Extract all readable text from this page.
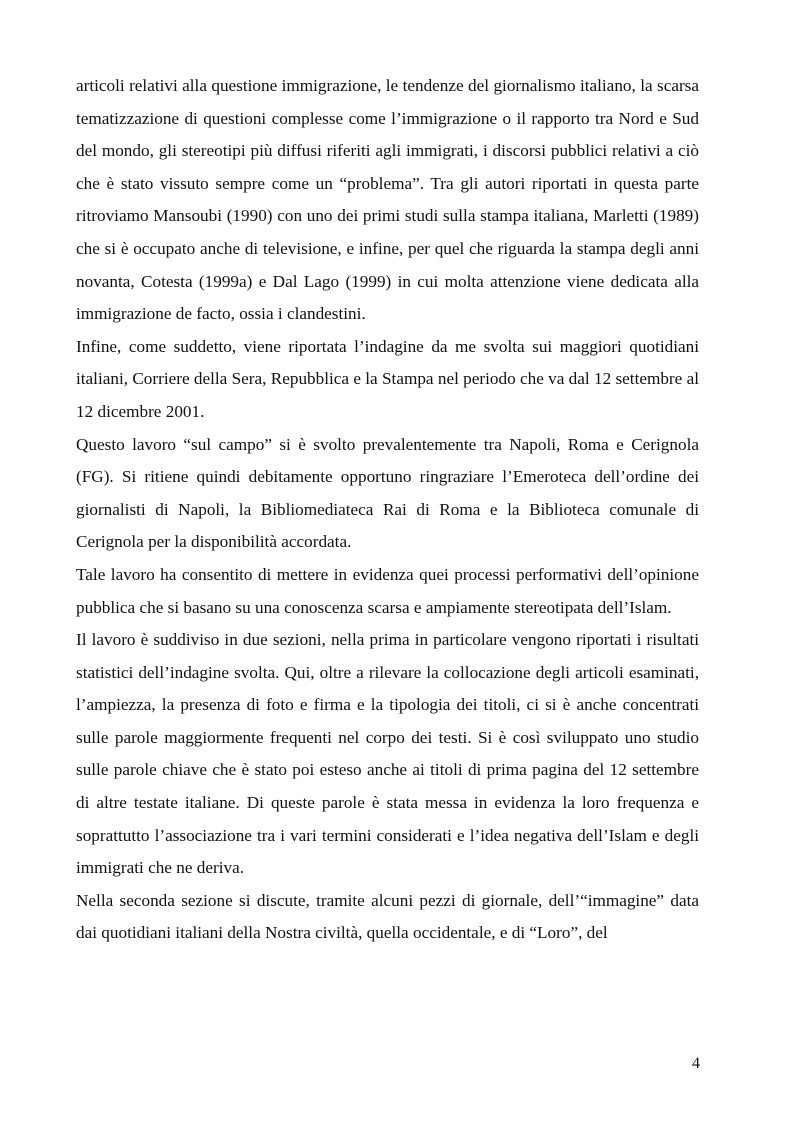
articoli relativi alla questione immigrazione, le tendenze del giornalismo italiano, la scarsa tematizzazione di questioni complesse come l’immigrazione o il rapporto tra Nord e Sud del mondo, gli stereotipi più diffusi riferiti agli immigrati, i discorsi pubblici relativi a ciò che è stato vissuto sempre come un “problema”. Tra gli autori riportati in questa parte ritroviamo Mansoubi (1990) con uno dei primi studi sulla stampa italiana, Marletti (1989) che si è occupato anche di televisione, e infine, per quel che riguarda la stampa degli anni novanta, Cotesta (1999a) e Dal Lago (1999) in cui molta attenzione viene dedicata alla immigrazione de facto, ossia i clandestini.

Infine, come suddetto, viene riportata l’indagine da me svolta sui maggiori quotidiani italiani, Corriere della Sera, Repubblica e la Stampa nel periodo che va dal 12 settembre al 12 dicembre 2001.

Questo lavoro “sul campo” si è svolto prevalentemente tra Napoli, Roma e Cerignola (FG). Si ritiene quindi debitamente opportuno ringraziare l’Emeroteca dell’ordine dei giornalisti di Napoli, la Bibliomediateca Rai di Roma e la Biblioteca comunale di Cerignola per la disponibilità accordata.

Tale lavoro ha consentito di mettere in evidenza quei processi performativi dell’opinione pubblica che si basano su una conoscenza scarsa e ampiamente stereotipata dell’Islam.

Il lavoro è suddiviso in due sezioni, nella prima in particolare vengono riportati i risultati statistici dell’indagine svolta. Qui, oltre a rilevare la collocazione degli articoli esaminati, l’ampiezza, la presenza di foto e firma e la tipologia dei titoli, ci si è anche concentrati sulle parole maggiormente frequenti nel corpo dei testi. Si è così sviluppato uno studio sulle parole chiave che è stato poi esteso anche ai titoli di prima pagina del 12 settembre di altre testate italiane. Di queste parole è stata messa in evidenza la loro frequenza e soprattutto l’associazione tra i vari termini considerati e l’idea negativa dell’Islam e degli immigrati che ne deriva.

Nella seconda sezione si discute, tramite alcuni pezzi di giornale, dell’“immagine” data dai quotidiani italiani della Nostra civiltà, quella occidentale, e di “Loro”, del

4
